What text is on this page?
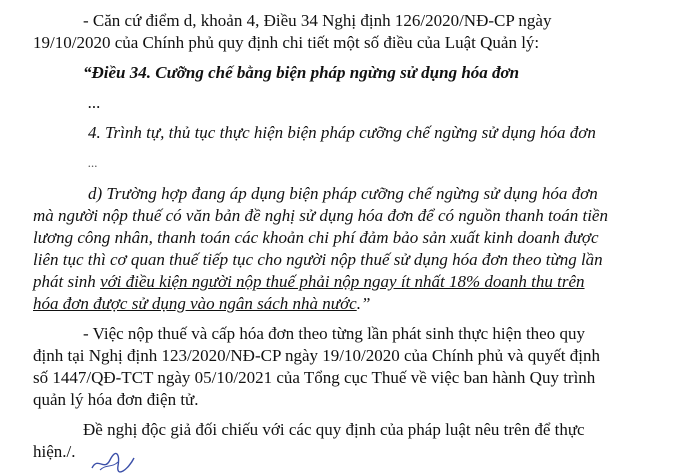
- Căn cứ điểm d, khoản 4, Điều 34 Nghị định 126/2020/NĐ-CP ngày
19/10/2020 của Chính phủ quy định chi tiết một số điều của Luật Quản lý:
“Điều 34. Cưỡng chế bằng biện pháp ngừng sử dụng hóa đơn
...
4. Trình tự, thủ tục thực hiện biện pháp cưỡng chế ngừng sử dụng hóa đơn
...
d) Trường hợp đang áp dụng biện pháp cưỡng chế ngừng sử dụng hóa đơn
mà người nộp thuế có văn bản đề nghị sử dụng hóa đơn để có nguồn thanh toán tiền
lương công nhân, thanh toán các khoản chi phí đảm bảo sản xuất kinh doanh được
liên tục thì cơ quan thuế tiếp tục cho người nộp thuế sử dụng hóa đơn theo từng lần
phát sinh với điều kiện người nộp thuế phải nộp ngay ít nhất 18% doanh thu trên
hóa đơn được sử dụng vào ngân sách nhà nước.”
- Việc nộp thuế và cấp hóa đơn theo từng lần phát sinh thực hiện theo quy
định tại Nghị định 123/2020/NĐ-CP ngày 19/10/2020 của Chính phủ và quyết định
số 1447/QĐ-TCT ngày 05/10/2021 của Tổng cục Thuế về việc ban hành Quy trình
quản lý hóa đơn điện tử.
Đề nghị độc giả đối chiếu với các quy định của pháp luật nêu trên để thực
hiện./.
